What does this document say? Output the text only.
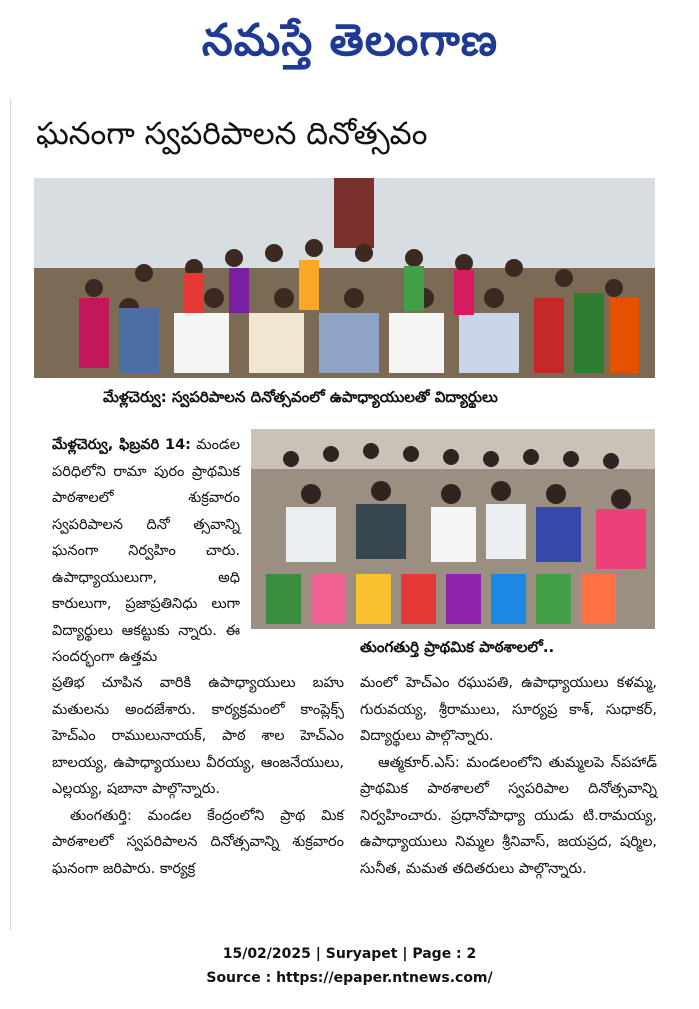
నమస్తే తెలంగాణ
ఘనంగా స్వపరిపాలన దినోత్సవం
మేళ్లచెర్వు: స్వపరిపాలన దినోత్సవంలో ఉపాధ్యాయులతో విద్యార్థులు

మేళ్లచెర్వు, ఫిబ్రవరి 14: మండల పరిధిలోని రామా పురం ప్రాథమిక పాఠశాలలో శుక్రవారం స్వపరిపాలన దినో త్సవాన్ని ఘనంగా నిర్వహిం చారు. ఉపాధ్యాయులుగా, అధి కారులుగా, ప్రజాప్రతినిధు లుగా విద్యార్థులు ఆకట్టుకు న్నారు. ఈ సందర్భంగా ఉత్తమ

తుంగతుర్తి ప్రాథమిక పాఠశాలలో..

ప్రతిభ చూపిన వారికి ఉపాధ్యాయులు బహు మతులను అందజేశారు. కార్యక్రమంలో కాంప్లెక్స్ హెచ్ఎం రాములునాయక్, పాఠ శాల హెచ్ఎం బాలయ్య, ఉపాధ్యాయులు వీరయ్య, ఆంజనేయులు, ఎల్లయ్య, షబానా పాల్గొన్నారు.

తుంగతుర్తి: మండల కేంద్రంలోని ప్రాథ మిక పాఠశాలలో స్వపరిపాలన దినోత్సవాన్ని శుక్రవారం ఘనంగా జరిపారు. కార్యక్ర

మంలో హెచ్ఎం రఘుపతి, ఉపాధ్యాయులు కళమ్మ, గురువయ్య, శ్రీరాములు, సూర్యప్ర కాశ్, సుధాకర్, విద్యార్థులు పాల్గొన్నారు.

ఆత్మకూర్.ఎస్: మండలంలోని తుమ్మలపె న్‌పహాడ్ ప్రాథమిక పాఠశాలలో స్వపరిపాల దినోత్సవాన్ని నిర్వహించారు. ప్రధానోపాధ్యా యుడు టి.రామయ్య, ఉపాధ్యాయులు నిమ్మల శ్రీనివాస్, జయప్రద, షర్మిల, సునీత, మమత తదితరులు పాల్గొన్నారు.

15/02/2025 | Suryapet | Page : 2
Source : https://epaper.ntnews.com/
